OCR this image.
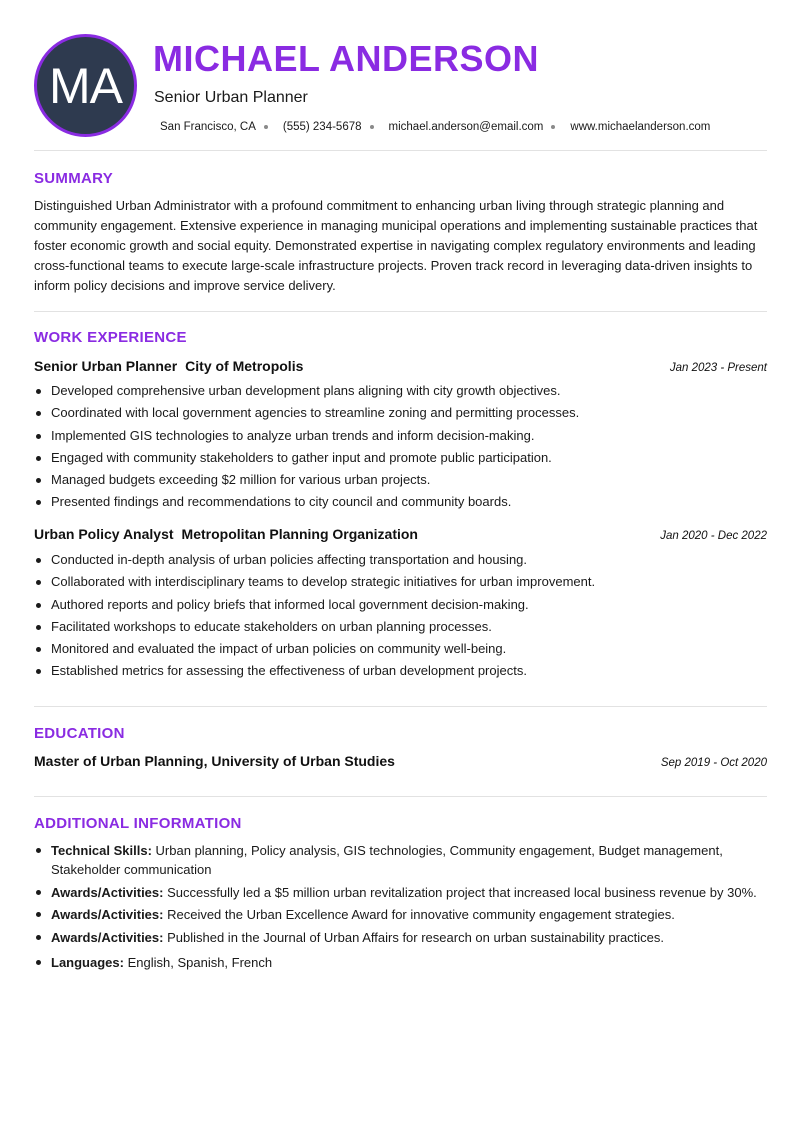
MA MICHAEL ANDERSON
Senior Urban Planner
San Francisco, CA (555) 234-5678 michael.anderson@email.com www.michaelanderson.com
SUMMARY

Distinguished Urban Administrator with a profound commitment to enhancing urban living through strategic planning and community engagement. Extensive experience in managing municipal operations and implementing sustainable practices that foster economic growth and social equity. Demonstrated expertise in navigating complex regulatory environments and leading cross-functional teams to execute large-scale infrastructure projects. Proven track record in leveraging data-driven insights to inform policy decisions and improve service delivery.

WORK EXPERIENCE
Senior Urban Planner City of Metropolis	Jan 2023 - Present
Developed comprehensive urban development plans aligning with city growth objectives.
Coordinated with local government agencies to streamline zoning and permitting processes.
Implemented GIS technologies to analyze urban trends and inform decision-making.
Engaged with community stakeholders to gather input and promote public participation.
Managed budgets exceeding $2 million for various urban projects.
Presented findings and recommendations to city council and community boards.
Urban Policy Analyst Metropolitan Planning Organization	Jan 2020 - Dec 2022
Conducted in-depth analysis of urban policies affecting transportation and housing.
Collaborated with interdisciplinary teams to develop strategic initiatives for urban improvement.
Authored reports and policy briefs that informed local government decision-making.
Facilitated workshops to educate stakeholders on urban planning processes.
Monitored and evaluated the impact of urban policies on community well-being.
Established metrics for assessing the effectiveness of urban development projects.
EDUCATION
Master of Urban Planning, University of Urban Studies	Sep 2019 - Oct 2020
ADDITIONAL INFORMATION
Technical Skills: Urban planning, Policy analysis, GIS technologies, Community engagement, Budget management, Stakeholder communication
Awards/Activities: Successfully led a $5 million urban revitalization project that increased local business revenue by 30%.
Awards/Activities: Received the Urban Excellence Award for innovative community engagement strategies.
Awards/Activities: Published in the Journal of Urban Affairs for research on urban sustainability practices.
Languages: English, Spanish, French
